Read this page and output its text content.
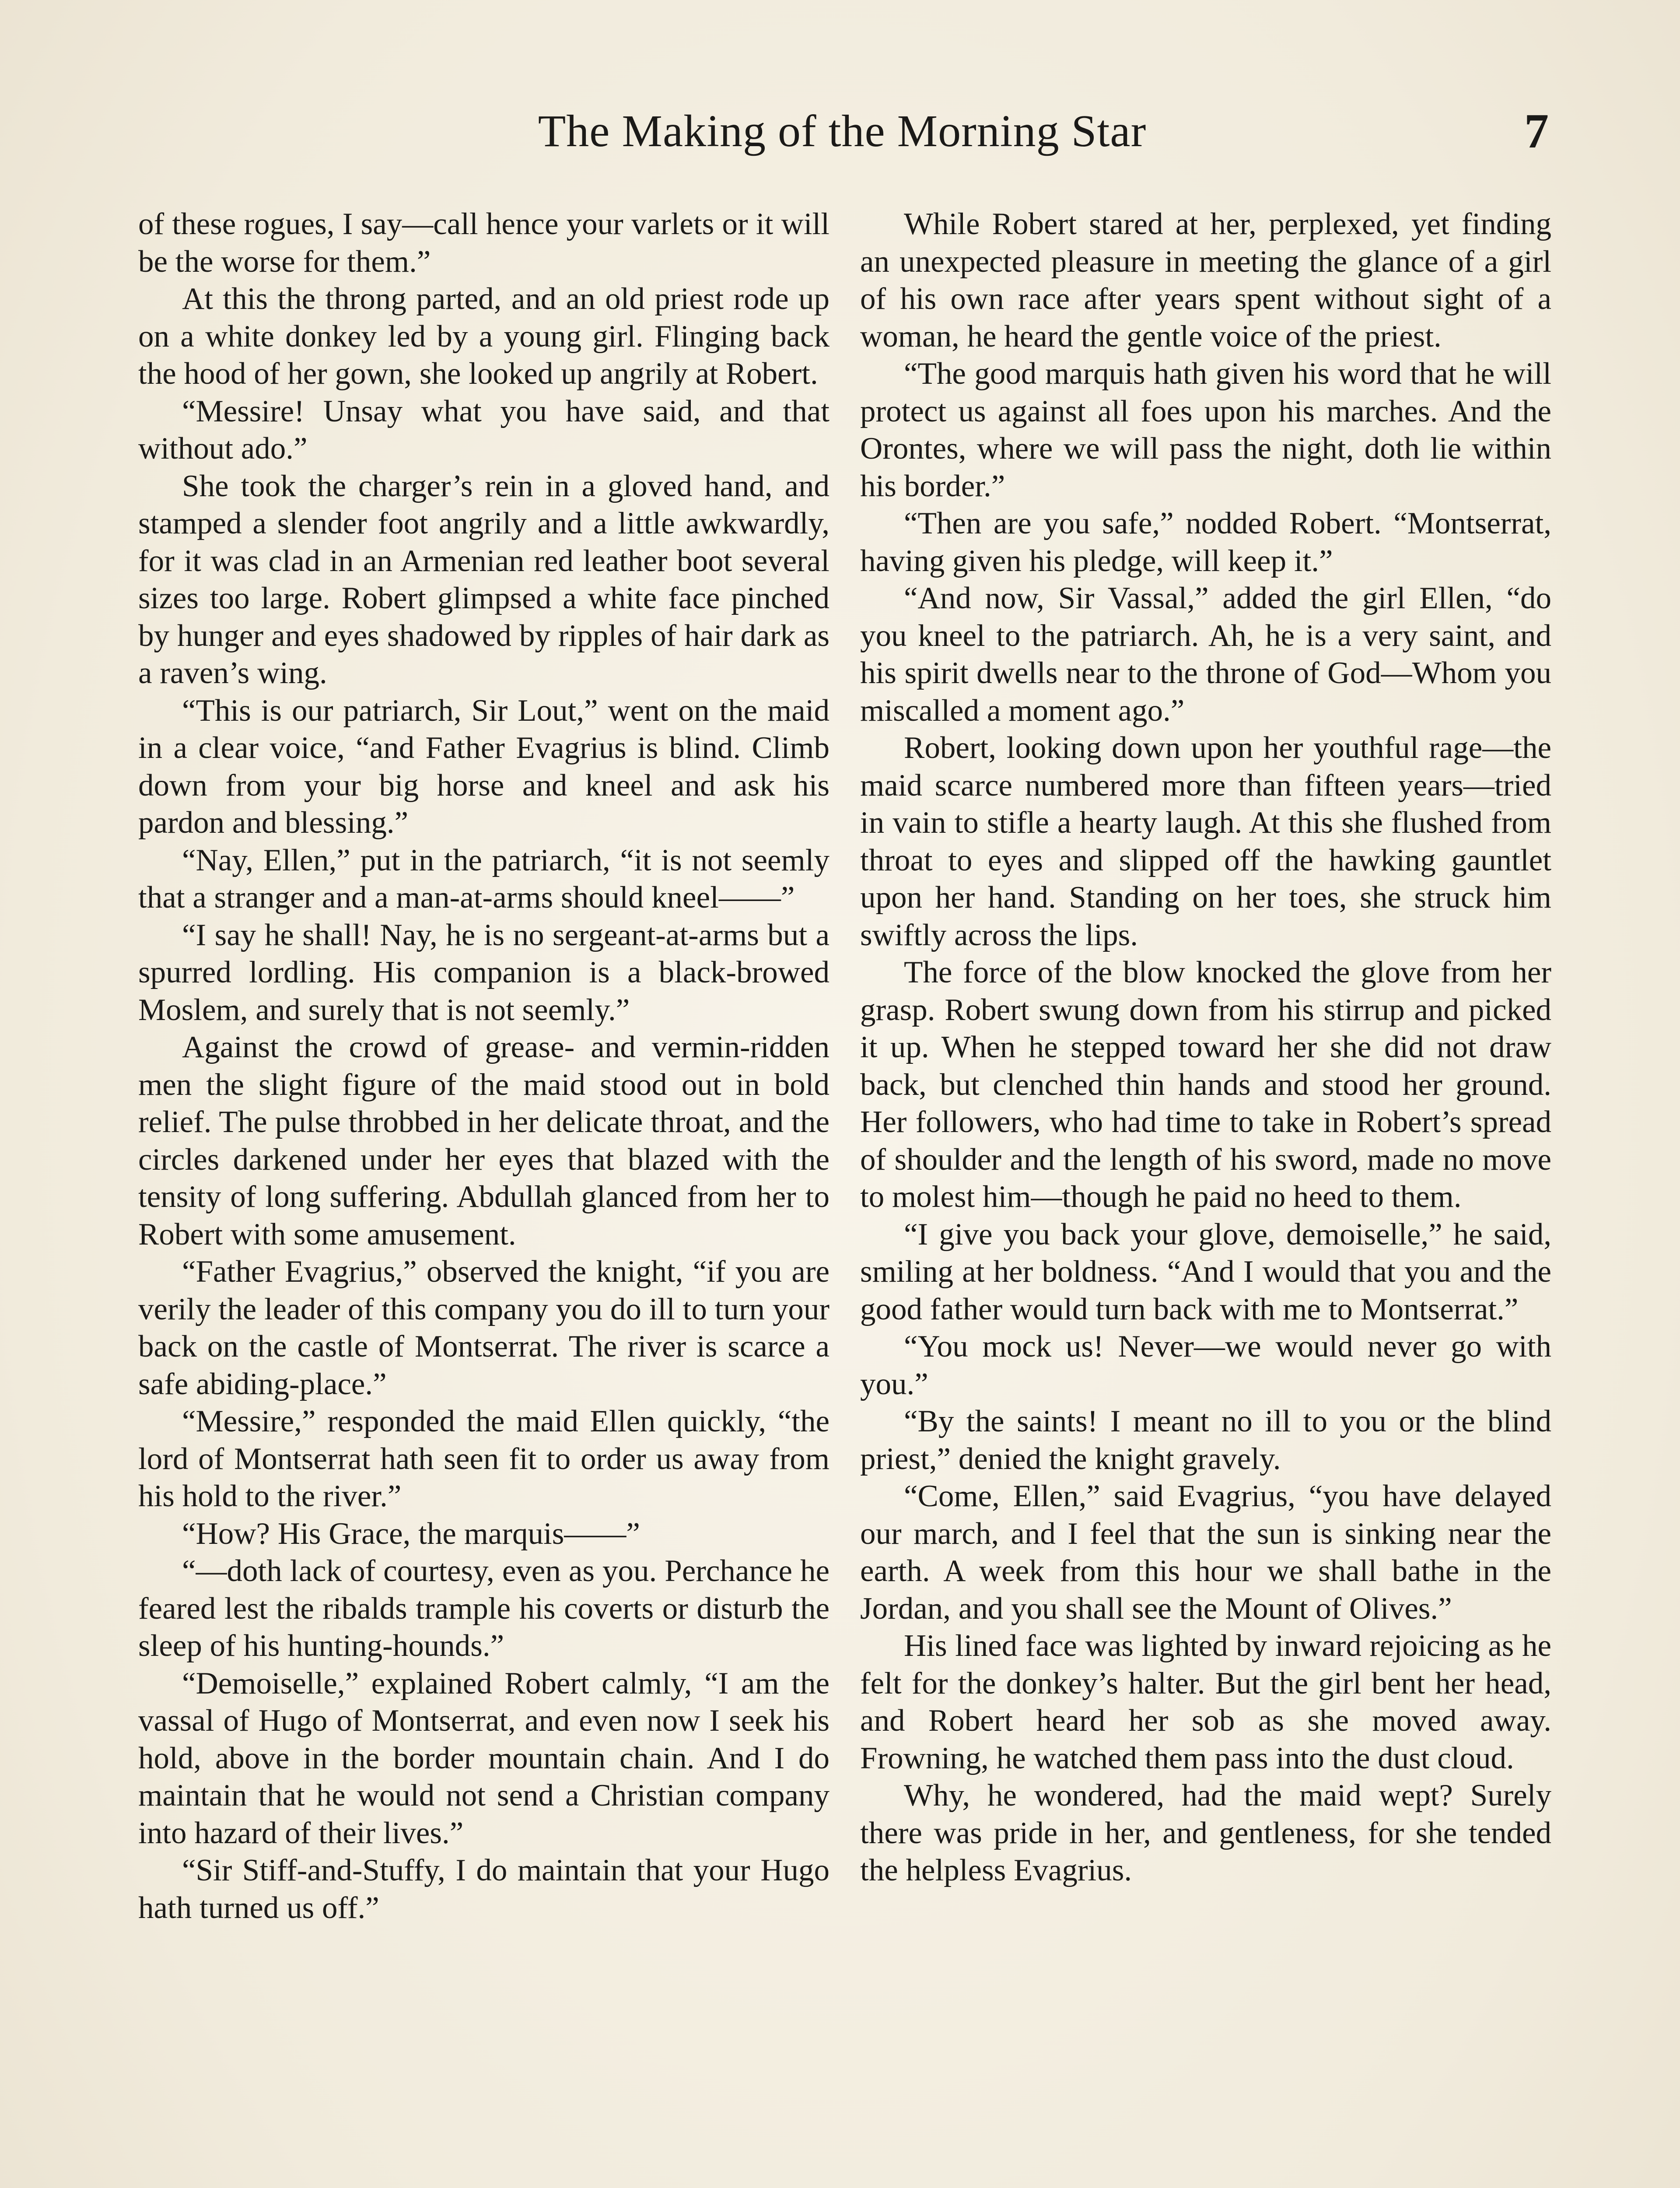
The Making of the Morning Star	7

of these rogues, I say—call hence your varlets or it will be the worse for them.”

At this the throng parted, and an old priest rode up on a white donkey led by a young girl. Flinging back the hood of her gown, she looked up angrily at Robert.

“Messire! Unsay what you have said, and that without ado.”

She took the charger’s rein in a gloved hand, and stamped a slender foot angrily and a little awkwardly, for it was clad in an Armenian red leather boot several sizes too large. Robert glimpsed a white face pinched by hunger and eyes shadowed by ripples of hair dark as a raven’s wing.

“This is our patriarch, Sir Lout,” went on the maid in a clear voice, “and Father Evagrius is blind. Climb down from your big horse and kneel and ask his pardon and blessing.”

“Nay, Ellen,” put in the patriarch, “it is not seemly that a stranger and a man-at-arms should kneel——”

“I say he shall! Nay, he is no sergeant-at-arms but a spurred lordling. His companion is a black-browed Moslem, and surely that is not seemly.”

Against the crowd of grease- and vermin-ridden men the slight figure of the maid stood out in bold relief. The pulse throbbed in her delicate throat, and the circles darkened under her eyes that blazed with the tensity of long suffering. Abdullah glanced from her to Robert with some amusement.

“Father Evagrius,” observed the knight, “if you are verily the leader of this company you do ill to turn your back on the castle of Montserrat. The river is scarce a safe abiding-place.”

“Messire,” responded the maid Ellen quickly, “the lord of Montserrat hath seen fit to order us away from his hold to the river.”

“How? His Grace, the marquis——”

“—doth lack of courtesy, even as you. Perchance he feared lest the ribalds trample his coverts or disturb the sleep of his hunting-hounds.”

“Demoiselle,” explained Robert calmly, “I am the vassal of Hugo of Montserrat, and even now I seek his hold, above in the border mountain chain. And I do maintain that he would not send a Christian company into hazard of their lives.”

“Sir Stiff-and-Stuffy, I do maintain that your Hugo hath turned us off.”

While Robert stared at her, perplexed, yet finding an unexpected pleasure in meeting the glance of a girl of his own race after years spent without sight of a woman, he heard the gentle voice of the priest.

“The good marquis hath given his word that he will protect us against all foes upon his marches. And the Orontes, where we will pass the night, doth lie within his border.”

“Then are you safe,” nodded Robert. “Montserrat, having given his pledge, will keep it.”

“And now, Sir Vassal,” added the girl Ellen, “do you kneel to the patriarch. Ah, he is a very saint, and his spirit dwells near to the throne of God—Whom you miscalled a moment ago.”

Robert, looking down upon her youthful rage—the maid scarce numbered more than fifteen years—tried in vain to stifle a hearty laugh. At this she flushed from throat to eyes and slipped off the hawking gauntlet upon her hand. Standing on her toes, she struck him swiftly across the lips.

The force of the blow knocked the glove from her grasp. Robert swung down from his stirrup and picked it up. When he stepped toward her she did not draw back, but clenched thin hands and stood her ground. Her followers, who had time to take in Robert’s spread of shoulder and the length of his sword, made no move to molest him—though he paid no heed to them.

“I give you back your glove, demoiselle,” he said, smiling at her boldness. “And I would that you and the good father would turn back with me to Montserrat.”

“You mock us! Never—we would never go with you.”

“By the saints! I meant no ill to you or the blind priest,” denied the knight gravely.

“Come, Ellen,” said Evagrius, “you have delayed our march, and I feel that the sun is sinking near the earth. A week from this hour we shall bathe in the Jordan, and you shall see the Mount of Olives.”

His lined face was lighted by inward rejoicing as he felt for the donkey’s halter. But the girl bent her head, and Robert heard her sob as she moved away. Frowning, he watched them pass into the dust cloud.

Why, he wondered, had the maid wept? Surely there was pride in her, and gentleness, for she tended the helpless Evagrius.
